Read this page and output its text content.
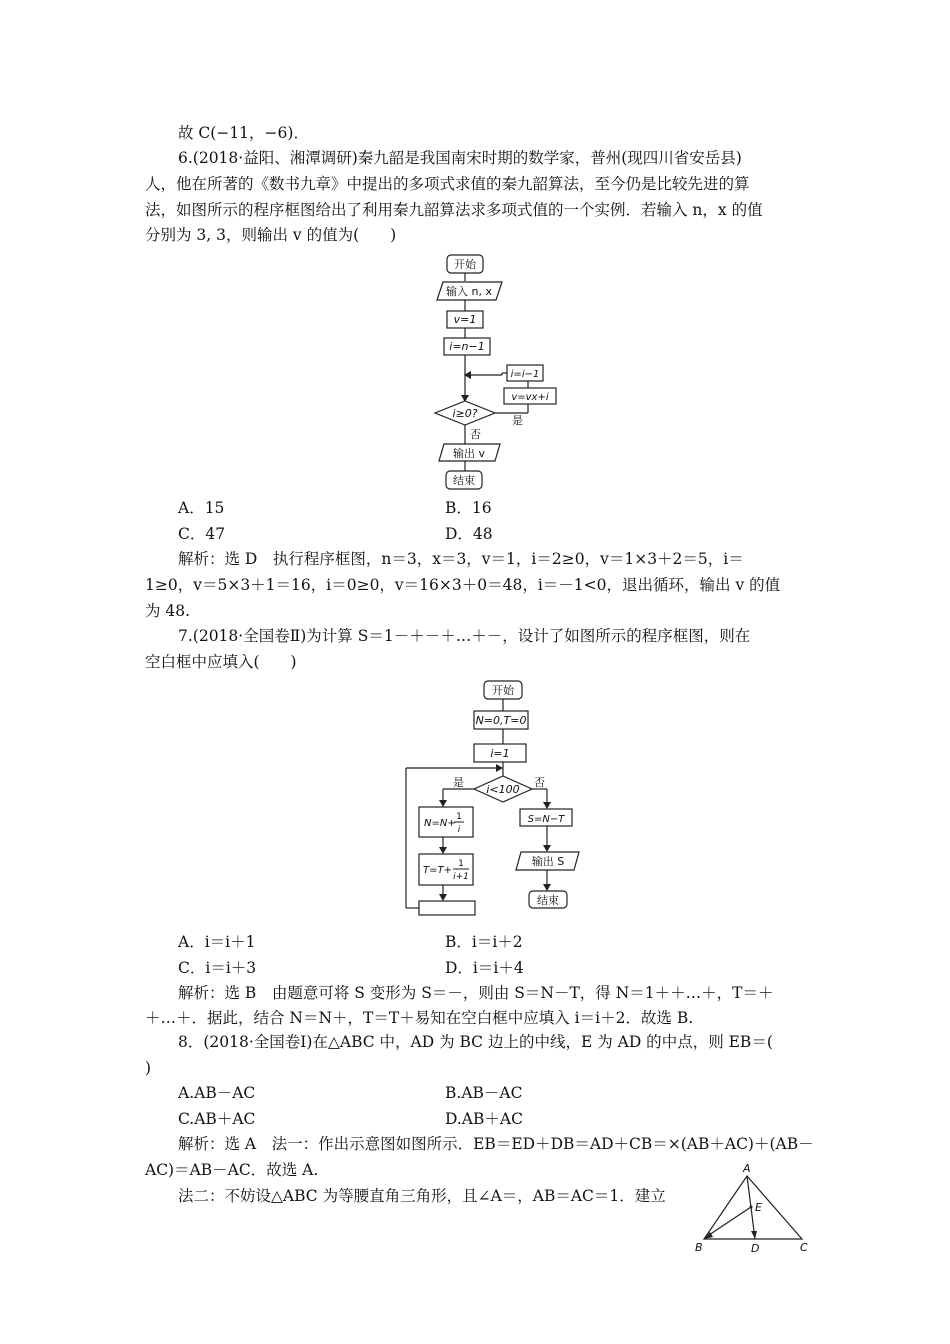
故 C(−11，−6)．
6.(2018·益阳、湘潭调研)秦九韶是我国南宋时期的数学家，普州(现四川省安岳县)
人，他在所著的《数书九章》中提出的多项式求值的秦九韶算法，至今仍是比较先进的算
法，如图所示的程序框图给出了利用秦九韶算法求多项式值的一个实例．若输入 n，x 的值
分别为 3, 3，则输出 v 的值为(　　)
开始
输入 n, x
v=1
i=n−1
i≥0?
是
v=vx+i
i=i−1
否
输出 v
结束
A．15	B．16
C．47	D．48
解析：选 D　执行程序框图，n＝3，x＝3，v＝1，i＝2≥0，v＝1×3＋2＝5，i＝
1≥0，v＝5×3＋1＝16，i＝0≥0，v＝16×3＋0＝48，i＝－1<0，退出循环，输出 v 的值
为 48.
7.(2018·全国卷Ⅱ)为计算 S＝1－＋－＋…＋－，设计了如图所示的程序框图，则在
空白框中应填入(　　)
开始
N=0,T=0
i=1
i<100
是	否
N=N+
1
i
T=T+
1
i+1
S=N−T
输出 S
结束
A．i＝i＋1	B．i＝i＋2
C．i＝i＋3	D．i＝i＋4
解析：选 B　由题意可将 S 变形为 S＝－，则由 S＝N－T，得 N＝1＋＋…＋，T＝＋
＋…＋．据此，结合 N＝N＋，T＝T＋易知在空白框中应填入 i＝i＋2．故选 B.
8．(2018·全国卷Ⅰ)在△ABC 中，AD 为 BC 边上的中线，E 为 AD 的中点，则 EB＝(
)
A.AB－AC	B.AB－AC
C.AB＋AC	D.AB＋AC
解析：选 A　法一：作出示意图如图所示．EB＝ED＋DB＝AD＋CB＝×(AB＋AC)＋(AB－
AC)＝AB－AC．故选 A.
法二：不妨设△ABC 为等腰直角三角形，且∠A＝，AB＝AC＝1．建立
A
B	C
D
E
